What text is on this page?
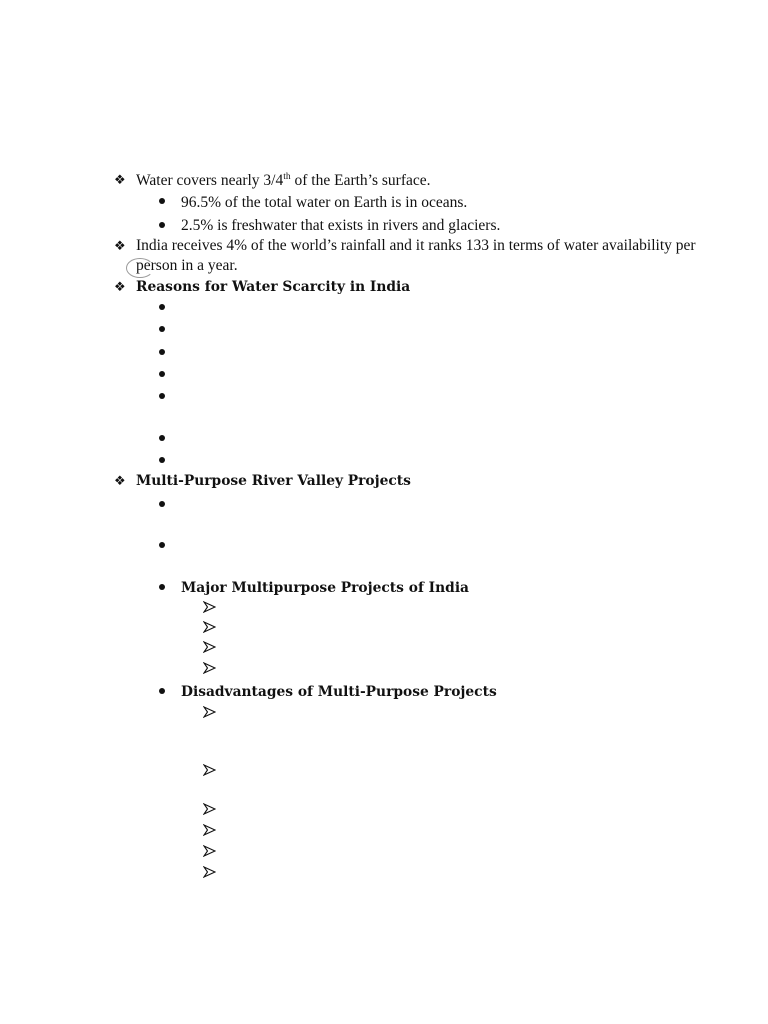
❖ Water covers nearly 3/4th of the Earth’s surface.
96.5% of the total water on Earth is in oceans.
2.5% is freshwater that exists in rivers and glaciers.
❖ India receives 4% of the world’s rainfall and it ranks 133 in terms of water availability per
person in a year.
❖ Reasons for Water Scarcity in India
❖ Multi-Purpose River Valley Projects
Major Multipurpose Projects of India
Disadvantages of Multi-Purpose Projects
